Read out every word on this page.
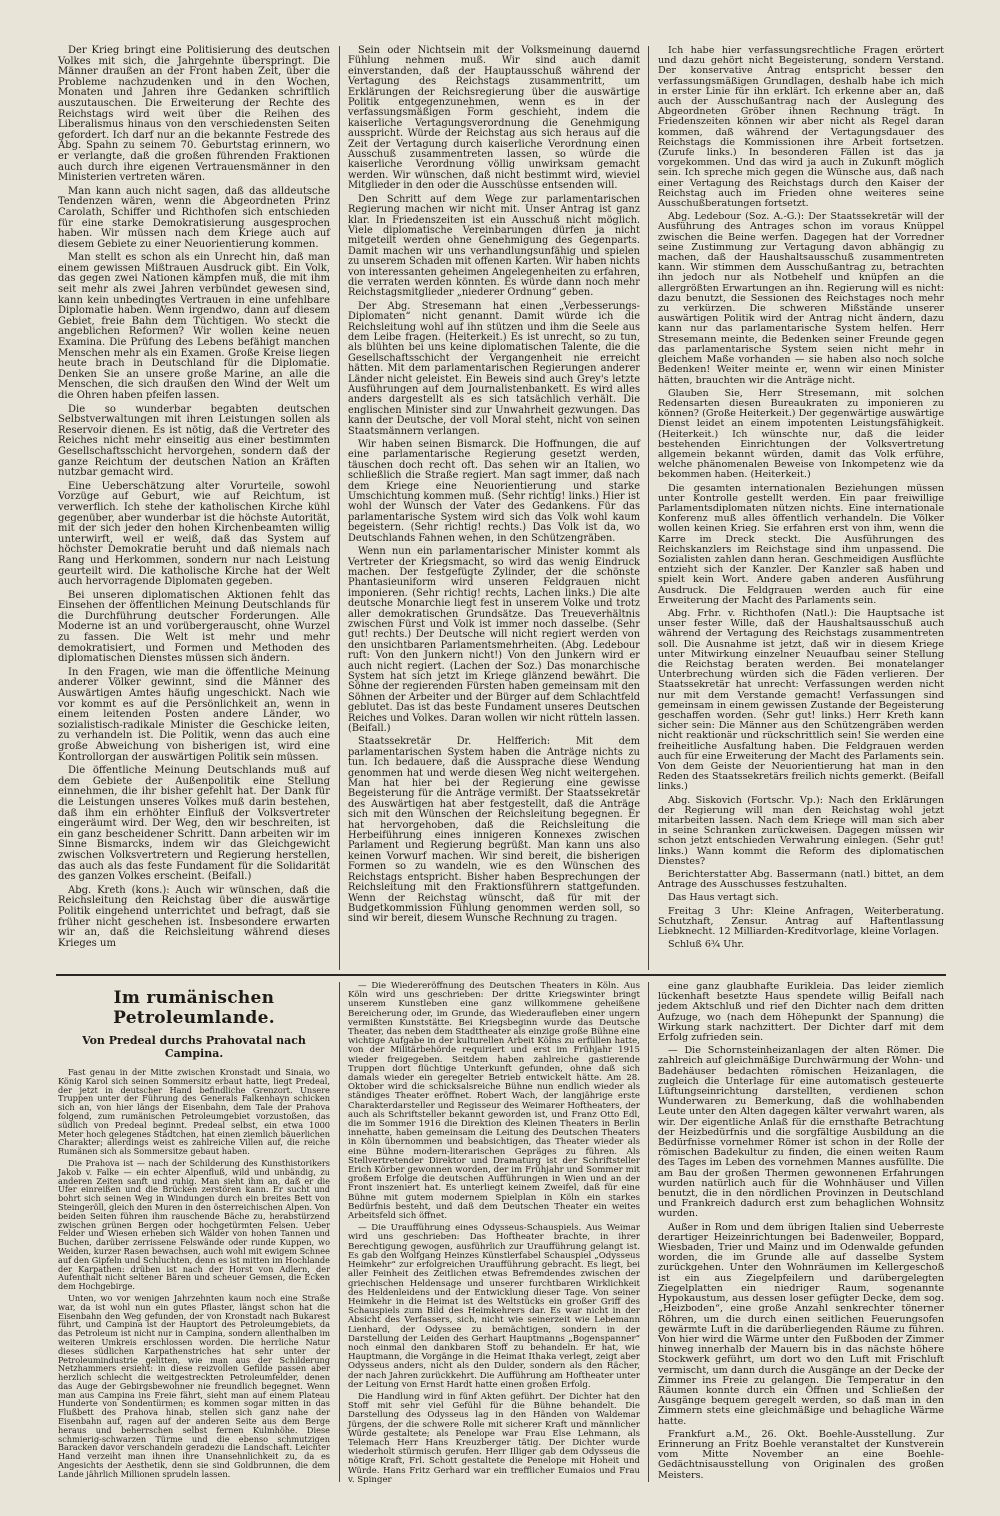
Der Krieg bringt eine Politisierung des deutschen Volkes mit sich, die Jahrgehnte überspringt. Die Männer draußen an der Front haben Zeit, über die Probleme nachzudenken und in den Wochen, Monaten und Jahren ihre Gedanken schriftlich auszutauschen. Die Erweiterung der Rechte des Reichstags wird weit über die Reihen des Liberalismus hinaus von den verschiedensten Seiten gefordert. Ich darf nur an die bekannte Festrede des Abg. Spahn zu seinem 70. Geburtstag erinnern, wo er verlangte, daß die großen führenden Fraktionen auch durch ihre eigenen Vertrauensmänner in den Ministerien vertreten wären.

Man kann auch nicht sagen, daß das alldeutsche Tendenzen wären, wenn die Abgeordneten Prinz Carolath, Schiffer und Richthofen sich entschieden für eine starke Demokratisierung ausgesprochen haben. Wir müssen nach dem Kriege auch auf diesem Gebiete zu einer Neuorientierung kommen.

Man stellt es schon als ein Unrecht hin, daß man einem gewissen Mißtrauen Ausdruck gibt. Ein Volk, das gegen zwei Nationen kämpfen muß, die mit ihm seit mehr als zwei Jahren verbündet gewesen sind, kann kein unbedingtes Vertrauen in eine unfehlbare Diplomatie haben. Wenn irgendwo, dann auf diesem Gebiet, freie Bahn dem Tüchtigen. Wo steckt die angeblichen Reformen? Wir wollen keine neuen Examina. Die Prüfung des Lebens befähigt manchen Menschen mehr als ein Examen. Große Kreise liegen heute brach in Deutschland für die Diplomatie. Denken Sie an unsere große Marine, an alle die Menschen, die sich draußen den Wind der Welt um die Ohren haben pfeifen lassen.

Die so wunderbar begabten deutschen Selbstverwaltungen mit ihren Leistungen sollen als Reservoir dienen. Es ist nötig, daß die Vertreter des Reiches nicht mehr einseitig aus einer bestimmten Gesellschaftsschicht hervorgehen, sondern daß der ganze Reichtum der deutschen Nation an Kräften nutzbar gemacht wird.

Eine Ueberschätzung alter Vorurteile, sowohl Vorzüge auf Geburt, wie auf Reichtum, ist verwerflich. Ich stehe der katholischen Kirche kühl gegenüber, aber wunderbar ist die höchste Autorität, mit der sich jeder den hohen Kirchenbeamten willig unterwirft, weil er weiß, daß das System auf höchster Demokratie beruht und daß niemals nach Rang und Herkommen, sondern nur nach Leistung geurteilt wird. Die katholische Kirche hat der Welt auch hervorragende Diplomaten gegeben.

Bei unseren diplomatischen Aktionen fehlt das Einsehen der öffentlichen Meinung Deutschlands für die Durchführung deutscher Forderungen. Alle Moderne ist an und vorübergerauscht, ohne Wurzel zu fassen. Die Welt ist mehr und mehr demokratisiert, und Formen und Methoden des diplomatischen Dienstes müssen sich ändern.

In den Fragen, wie man die öffentliche Meinung anderer Völker gewinnt, sind die Männer des Auswärtigen Amtes häufig ungeschickt. Nach wie vor kommt es auf die Persönlichkeit an, wenn in einem leitenden Posten andere Länder, wo sozialistisch-radikale Minister die Geschicke leiten, zu verhandeln ist. Die Politik, wenn das auch eine große Abweichung von bisherigen ist, wird eine Kontrollorgan der auswärtigen Politik sein müssen.

Die öffentliche Meinung Deutschlands muß auf dem Gebiete der Außenpolitik eine Stellung einnehmen, die ihr bisher gefehlt hat. Der Dank für die Leistungen unseres Volkes muß darin bestehen, daß ihm ein erhöhter Einfluß der Volksvertreter eingeräumt wird. Der Weg, den wir beschreiten, ist ein ganz bescheidener Schritt. Dann arbeiten wir im Sinne Bismarcks, indem wir das Gleichgewicht zwischen Volksvertretern und Regierung herstellen, das auch als das feste Fundament für die Solidarität des ganzen Volkes erscheint. (Beifall.)

Abg. Kreth (kons.): Auch wir wünschen, daß die Reichsleitung den Reichstag über die auswärtige Politik eingehend unterrichtet und befragt, daß sie früher nicht geschehen ist. Insbesondere erwarten wir an, daß die Reichsleitung während dieses Krieges um

Sein oder Nichtsein mit der Volksmeinung dauernd Fühlung nehmen muß. Wir sind auch damit einverstanden, daß der Hauptausschuß während der Vertagung des Reichstags zusammentritt, um Erklärungen der Reichsregierung über die auswärtige Politik entgegenzunehmen, wenn es in der verfassungsmäßigen Form geschieht, indem die kaiserliche Vertagungsverordnung die Genehmigung ausspricht. Würde der Reichstag aus sich heraus auf die Zeit der Vertagung durch kaiserliche Verordnung einen Ausschuß zusammentreten lassen, so würde die kaiserliche Verordnung völlig unwirksam gemacht werden. Wir wünschen, daß nicht bestimmt wird, wieviel Mitglieder in den oder die Ausschüsse entsenden will.

Den Schritt auf dem Wege zur parlamentarischen Regierung machen wir nicht mit. Unser Antrag ist ganz klar. In Friedenszeiten ist ein Ausschuß nicht möglich. Viele diplomatische Vereinbarungen dürfen ja nicht mitgeteilt werden ohne Genehmigung des Gegenparts. Damit machen wir uns verhandlungsunfähig und spielen zu unserem Schaden mit offenen Karten. Wir haben nichts von interessanten geheimen Angelegenheiten zu erfahren, die verraten werden könnten. Es würde dann noch mehr Reichstagsmitglieder „niederer Ordnung“ geben.

Der Abg. Stresemann hat einen „Verbesserungs-Diplomaten“ nicht genannt. Damit würde ich die Reichsleitung wohl auf ihn stützen und ihm die Seele aus dem Leibe fragen. (Heiterkeit.) Es ist unrecht, so zu tun, als blühten bei uns keine diplomatischen Talente, die die Gesellschaftsschicht der Vergangenheit nie erreicht hätten. Mit dem parlamentarischen Regierungen anderer Länder nicht geleistet. Ein Beweis sind auch Grey's letzte Ausführungen auf dem Journalistenbankett. Es wird alles anders dargestellt als es sich tatsächlich verhält. Die englischen Minister sind zur Unwahrheit gezwungen. Das kann der Deutsche, der voll Moral steht, nicht von seinen Staatsmännern verlangen.

Wir haben seinen Bismarck. Die Hoffnungen, die auf eine parlamentarische Regierung gesetzt werden, täuschen doch recht oft. Das sehen wir an Italien, wo schließlich die Straße regiert. Man sagt immer, daß nach dem Kriege eine Neuorientierung und starke Umschichtung kommen muß. (Sehr richtig! links.) Hier ist wohl der Wunsch der Vater des Gedankens. Für das parlamentarische System wird sich das Volk wohl kaum begeistern. (Sehr richtig! rechts.) Das Volk ist da, wo Deutschlands Fahnen wehen, in den Schützengräben.

Wenn nun ein parlamentarischer Minister kommt als Vertreter der Kriegsmacht, so wird das wenig Eindruck machen. Der festgefügte Zylinder, der die schönste Phantasieuniform wird unseren Feldgrauen nicht imponieren. (Sehr richtig! rechts, Lachen links.) Die alte deutsche Monarchie liegt fest in unserem Volke und trotz aller demokratischen Grundsätze. Das Treueverhältnis zwischen Fürst und Volk ist immer noch dasselbe. (Sehr gut! rechts.) Der Deutsche will nicht regiert werden von den unsichtbaren Parlamentsmehrheiten. (Abg. Ledebour ruft: Von den Junkern nicht!) Von den Junkern wird er auch nicht regiert. (Lachen der Soz.) Das monarchische System hat sich jetzt im Kriege glänzend bewährt. Die Söhne der regierenden Fürsten haben gemeinsam mit den Söhnen der Arbeiter und der Bürger auf dem Schlachtfeld geblutet. Das ist das beste Fundament unseres Deutschen Reiches und Volkes. Daran wollen wir nicht rütteln lassen. (Beifall.)

Staatssekretär Dr. Helfferich: Mit dem parlamentarischen System haben die Anträge nichts zu tun. Ich bedauere, daß die Aussprache diese Wendung genommen hat und werde diesen Weg nicht weitergehen. Man hat hier bei der Regierung eine gewisse Begeisterung für die Anträge vermißt. Der Staatssekretär des Auswärtigen hat aber festgestellt, daß die Anträge sich mit den Wünschen der Reichsleitung begegnen. Er hat hervorgehoben, daß die Reichsleitung die Herbeiführung eines innigeren Konnexes zwischen Parlament und Regierung begrüßt. Man kann uns also keinen Vorwurf machen. Wir sind bereit, die bisherigen Formen so zu wandeln, wie es den Wünschen des Reichstags entspricht. Bisher haben Besprechungen der Reichsleitung mit den Fraktionsführern stattgefunden. Wenn der Reichstag wünscht, daß für mit der Budgetkommission Fühlung genommen werden soll, so sind wir bereit, diesem Wunsche Rechnung zu tragen.

Ich habe hier verfassungsrechtliche Fragen erörtert und dazu gehört nicht Begeisterung, sondern Verstand. Der konservative Antrag entspricht besser den verfassungsmäßigen Grundlagen, deshalb habe ich mich in erster Linie für ihn erklärt. Ich erkenne aber an, daß auch der Ausschußantrag nach der Auslegung des Abgeordneten Gröber ihnen Rechnung trägt. In Friedenszeiten können wir aber nicht als Regel daran kommen, daß während der Vertagungsdauer des Reichstags die Kommissionen ihre Arbeit fortsetzen. (Zurufe links.) In besonderen Fällen ist das ja vorgekommen. Und das wird ja auch in Zukunft möglich sein. Ich spreche mich gegen die Wünsche aus, daß nach einer Vertagung des Reichstags durch den Kaiser der Reichstag auch im Frieden ohne weiteres seine Ausschußberatungen fortsetzt.

Abg. Ledebour (Soz. A.-G.): Der Staatssekretär will der Ausführung des Antrages schon im voraus Knüppel zwischen die Beine werfen. Dagegen hat der Vorredner seine Zustimmung zur Vertagung davon abhängig zu machen, daß der Haushaltsausschuß zusammentreten kann. Wir stimmen dem Ausschußantrag zu, betrachten ihn jedoch nur als Notbehelf und knüpfen an die allergrößten Erwartungen an ihn. Regierung will es nicht: dazu benutzt, die Sessionen des Reichstages noch mehr zu verkürzen. Die schweren Mißstände unserer auswärtigen Politik wird der Antrag nicht ändern, dazu kann nur das parlamentarische System helfen. Herr Stresemann meinte, die Bedenken seiner Freunde gegen das parlamentarische System seien nicht mehr in gleichem Maße vorhanden — sie haben also noch solche Bedenken! Weiter meinte er, wenn wir einen Minister hätten, brauchten wir die Anträge nicht.

Glauben Sie, Herr Stresemann, mit solchen Redensarten diesen Bureaukraten zu imponieren zu können? (Große Heiterkeit.) Der gegenwärtige auswärtige Dienst leidet an einem impotenten Leistungsfähigkeit. (Heiterkeit.) Ich wünschte nur, daß die leider bestehenden Einrichtungen der Volksvertretung allgemein bekannt würden, damit das Volk erführe, welche phänomenalen Beweise von Inkompetenz wie da bekommen haben. (Heiterkeit.)

Die gesamten internationalen Beziehungen müssen unter Kontrolle gestellt werden. Ein paar freiwillige Parlamentsdiplomaten nützen nichts. Eine internationale Konferenz muß alles öffentlich verhandeln. Die Völker wollen keinen Krieg. Sie erfahren erst von ihm, wenn die Karre im Dreck steckt. Die Ausführungen des Reichskanzlers im Reichstage sind ihm unpassend. Die Sozialisten zahlen dann heran. Geschmeidigen Ausflüchte entzieht sich der Kanzler. Der Kanzler saß haben und spielt kein Wort. Andere gaben anderen Ausführung Ausdruck. Die Feldgrauen werden auch für eine Erweiterung der Macht des Parlaments sein.

Abg. Frhr. v. Richthofen (Natl.): Die Hauptsache ist unser fester Wille, daß der Haushaltsausschuß auch während der Vertagung des Reichstags zusammentreten soll. Die Ausnahme ist jetzt, daß wir in diesem Kriege unter Mitwirkung einzelner Neuaufbau seiner Stellung die Reichstag beraten werden. Bei monatelanger Unterbrechung würden sich die Fäden verlieren. Der Staatssekretär hat unrecht: Verfassungen werden nicht nur mit dem Verstande gemacht! Verfassungen sind gemeinsam in einem gewissen Zustande der Begeisterung geschaffen worden. (Sehr gut! links.) Herr Kreth kann sicher sein: Die Männer aus den Schützengräben werden nicht reaktionär und rückschrittlich sein! Sie werden eine freiheitliche Ausfaltung haben. Die Feldgrauen werden auch für eine Erweiterung der Macht des Parlaments sein. Von dem Geiste der Neuorientierung hat man in den Reden des Staatssekretärs freilich nichts gemerkt. (Beifall links.)

Abg. Siskovich (Fortschr. Vp.): Nach den Erklärungen der Regierung will man den Reichstag wohl jetzt mitarbeiten lassen. Nach dem Kriege will man sich aber in seine Schranken zurückweisen. Dagegen müssen wir schon jetzt entschieden Verwahrung einlegen. (Sehr gut! links.) Wann kommt die Reform des diplomatischen Dienstes?

Berichterstatter Abg. Bassermann (natl.) bittet, an dem Antrage des Ausschusses festzuhalten.

Das Haus vertagt sich.

Freitag 3 Uhr: Kleine Anfragen, Weiterberatung. Schutzhaft, Zensur. Antrag auf Haftentlassung Liebknecht. 12 Milliarden-Kreditvorlage, kleine Vorlagen.

Schluß 6¾ Uhr.

Im rumänischen Petroleumlande.
Von Predeal durchs Prahovatal nach Campina.

Fast genau in der Mitte zwischen Kronstadt und Sinaia, wo König Karol sich seinen Sommersitz erbaut hatte, liegt Predeal, der jetzt in deutscher Hand befindliche Grenzort. Unsere Truppen unter der Führung des Generals Falkenhayn schicken sich an, von hier längs der Eisenbahn, dem Tale der Prahova folgend, zum rumänischen Petroleumgebiet vorzustoßen, das südlich von Predeal beginnt. Predeal selbst, ein etwa 1000 Meter hoch gelegenes Städtchen, hat einen ziemlich bäuerlichen Charakter; allerdings weist es zahlreiche Villen auf, die reiche Rumänen sich als Sommersitze gebaut haben.

Die Prahova ist — nach der Schilderung des Kunsthistorikers Jakob v. Falke — ein echter Alpenfluß, wild und unbändig, zu anderen Zeiten sanft und ruhig. Man sieht ihm an, daß er die Ufer einreißen und die Brücken zerstören kann. Er sucht und bohrt sich seinen Weg in Windungen durch ein breites Bett von Steingeröll, gleich den Muren in den österreichischen Alpen. Von beiden Seiten führen ihm rauschende Bäche zu, herabstürzend zwischen grünen Bergen oder hochgetürmten Felsen. Ueber Felder und Wiesen erheben sich Wälder von hohen Tannen und Buchen, darüber zerrissene Felswände oder runde Kuppen, wo Weiden, kurzer Rasen bewachsen, auch wohl mit ewigem Schnee auf den Gipfeln und Schluchten, denn es ist mitten im Hochlande der Karpathen: drüben ist nach der Horst von Adlern, der Aufenthalt nicht seltener Bären und scheuer Gemsen, die Ecken dem Hochgebirge.

Unten, wo vor wenigen Jahrzehnten kaum noch eine Straße war, da ist wohl nun ein gutes Pflaster, längst schon hat die Eisenbahn den Weg gefunden, der von Kronstadt nach Bukarest führt, und Campina ist der Hauptort des Petroleumgebiets, da das Petroleum ist nicht nur in Campina, sondern allenthalben im weiteren Umkreis erschlossen worden. Die herrliche Natur dieses südlichen Karpathenstriches hat sehr unter der Petroleumindustrie gelitten, wie man aus der Schilderung Netzhammers ersieht: in diese reizvollen Gefilde passen aber herzlich schlecht die weitgestreckten Petroleumfelder, denen das Auge der Gebirgsbewohner nie freundlich begegnet. Wenn man aus Campina ins Freie fährt, sieht man auf einem Plateau Hunderte von Sondentürmen; es kommen sogar mitten in das Flußbett des Prahova hinab, stellen sich ganz nahe der Eisenbahn auf, ragen auf der anderen Seite aus dem Berge heraus und beherrschen selbst fernen Kulmhöhe. Diese schmierig-schwarzen Türme und die ebenso schmutzigen Baracken davor verschandeln geradezu die Landschaft. Leichter Hand verzeiht man ihnen ihre Unansehnlichkeit zu, da es Angesichts der Aesthetik, denn sie sind Goldbrunnen, die dem Lande jährlich Millionen sprudeln lassen.

— Die Wiedereröffnung des Deutschen Theaters in Köln. Aus Köln wird uns geschrieben: Der dritte Kriegswinter bringt unserem Kunstleben eine ganz willkommene geheißene Bereicherung oder, im Grunde, das Wiederaufleben einer ungern vermißten Kunststätte. Bei Kriegsbeginn wurde das Deutsche Theater, das neben dem Stadttheater als einzige große Bühne eine wichtige Aufgabe in der kulturellen Arbeit Kölns zu erfüllen hatte, von der Militärbehörde requiriert und erst im Frühjahr 1915 wieder freigegeben. Seitdem haben zahlreiche gastierende Truppen dort flüchtige Unterkunft gefunden, ohne daß sich damals wieder ein geregelter Betrieb entwickelt hätte. Am 28. Oktober wird die schicksalsreiche Bühne nun endlich wieder als ständiges Theater eröffnet. Robert Wach, der langjährige erste Charakterdarsteller und Regisseur des Weimarer Hoftheaters, der auch als Schriftsteller bekannt geworden ist, und Franz Otto Edl, die im Sommer 1916 die Direktion des Kleinen Theaters in Berlin innehatte, haben gemeinsam die Leitung des Deutschen Theaters in Köln übernommen und beabsichtigen, das Theater wieder als eine Bühne modern-literarischen Gepräges zu führen. Als Stellvertretender Direktor und Dramaturg ist der Schriftsteller Erich Körber gewonnen worden, der im Frühjahr und Sommer mit großem Erfolge die deutschen Aufführungen in Wien und an der Front inszeniert hat. Es unterliegt keinem Zweifel, daß für eine Bühne mit gutem modernem Spielplan in Köln ein starkes Bedürfnis besteht, und daß dem Deutschen Theater ein weites Arbeitsfeld sich öffnet.

— Die Uraufführung eines Odysseus-Schauspiels. Aus Weimar wird uns geschrieben: Das Hoftheater brachte, in ihrer Berechtigung gewogen, ausführlich zur Uraufführung gelangt ist. Es gab den Wolfgang Heinzes Künstlerfabel Schauspiel „Odysseus Heimkehr“ zur erfolgreichen Uraufführung gebracht. Es liegt, bei aller Feinheit des Zeitlichen etwas Befremdendes zwischen der griechischen Heldensage und unserer furchtbaren Wirklichkeit des Heldenleidens und der Entwicklung dieser Tage. Von seiner Heimkehr in die Heimat ist des Weltstücks ein großer Griff des Schauspiels zum Bild des Heimkehrers dar. Es war nicht in der Absicht des Verfassers, sich, nicht wie seinerzeit wie Lebemann Lienhard, der Odyssee zu bemächtigen, sondern in der Darstellung der Leiden des Gerhart Hauptmanns „Bogenspanner“ noch einmal den dankbaren Stoff zu behandeln. Er hat, wie Hauptmann, die Vorgänge in die Heimat Ithaka verlegt, zeigt aber Odysseus anders, nicht als den Dulder, sondern als den Rächer, der nach Jahren zurückkehrt. Die Aufführung am Hoftheater unter der Leitung von Ernst Hardt hatte einen großen Erfolg.

Die Handlung wird in fünf Akten geführt. Der Dichter hat den Stoff mit sehr viel Gefühl für die Bühne behandelt. Die Darstellung des Odysseus lag in den Händen von Waldemar Jürgens, der die schwere Rolle mit sicherer Kraft und männlicher Würde gestaltete; als Penelope war Frau Else Lehmann, als Telemach Herr Hans Kreuzberger tätig. Der Dichter wurde wiederholt stürmisch gerufen. Herr Illiger gab dem Odysseus die nötige Kraft, Frl. Schott gestaltete die Penelope mit Hoheit und Würde. Hans Fritz Gerhard war ein trefflicher Eumaios und Frau v. Spinger

eine ganz glaubhafte Eurikleia. Das leider ziemlich lückenhaft besetzte Haus spendete willig Beifall nach jedem Aktschluß und rief den Dichter nach dem dritten Aufzuge, wo (nach dem Höhepunkt der Spannung) die Wirkung stark nachzittert. Der Dichter darf mit dem Erfolg zufrieden sein.

— Die Schornsteinheizanlagen der alten Römer. Die zahlreich auf gleichmäßige Durchwärmung der Wohn- und Badehäuser bedachten römischen Heizanlagen, die zugleich die Unterlage für eine automatisch gesteuerte Lüftungseinrichtung darstellten, verdienen schon Wunderwaren zu Bemerkung, daß die wohlhabenden Leute unter den Alten dagegen kälter verwahrt waren, als wir. Der eigentliche Anlaß für die ernsthafte Betrachtung der Heizbedürfnis und die sorgfältige Ausbildung an die Bedürfnisse vornehmer Römer ist schon in der Rolle der römischen Badekultur zu finden, die einen weiten Raum des Tages im Leben des vornehmen Mannes ausfüllte. Die am Bau der großen Thermen gewonnenen Erfahrungen wurden natürlich auch für die Wohnhäuser und Villen benutzt, die in den nördlichen Provinzen in Deutschland und Frankreich dadurch erst zum behaglichen Wohnsitz wurden.

Außer in Rom und dem übrigen Italien sind Ueberreste derartiger Heizeinrichtungen bei Badenweiler, Boppard, Wiesbaden, Trier und Mainz und im Odenwalde gefunden worden, die im Grunde alle auf dasselbe System zurückgehen. Unter den Wohnräumen im Kellergeschoß ist ein aus Ziegelpfeilern und darübergelegten Ziegelplatten ein niedriger Raum, sogenannte Hypokaustum, aus dessen loser gefügter Decke, dem sog. „Heizboden“, eine große Anzahl senkrechter tönerner Röhren, um die durch einen seitlichen Feuerungsofen gewärmte Luft in die darüberliegenden Räume zu führen. Von hier wird die Wärme unter den Fußboden der Zimmer hinweg innerhalb der Mauern bis in das nächste höhere Stockwerk geführt, um dort wo den Luft mit Frischluft vermischt, um dann durch die Ausgänge an der Decke der Zimmer ins Freie zu gelangen. Die Temperatur in den Räumen konnte durch ein Öffnen und Schließen der Ausgänge bequem geregelt werden, so daß man in den Zimmern stets eine gleichmäßige und behagliche Wärme hatte.

Frankfurt a.M., 26. Okt. Boehle-Ausstellung. Zur Erinnerung an Fritz Boehle veranstaltet der Kunstverein vom Mitte November an eine Boehle-Gedächtnisausstellung von Originalen des großen Meisters.
